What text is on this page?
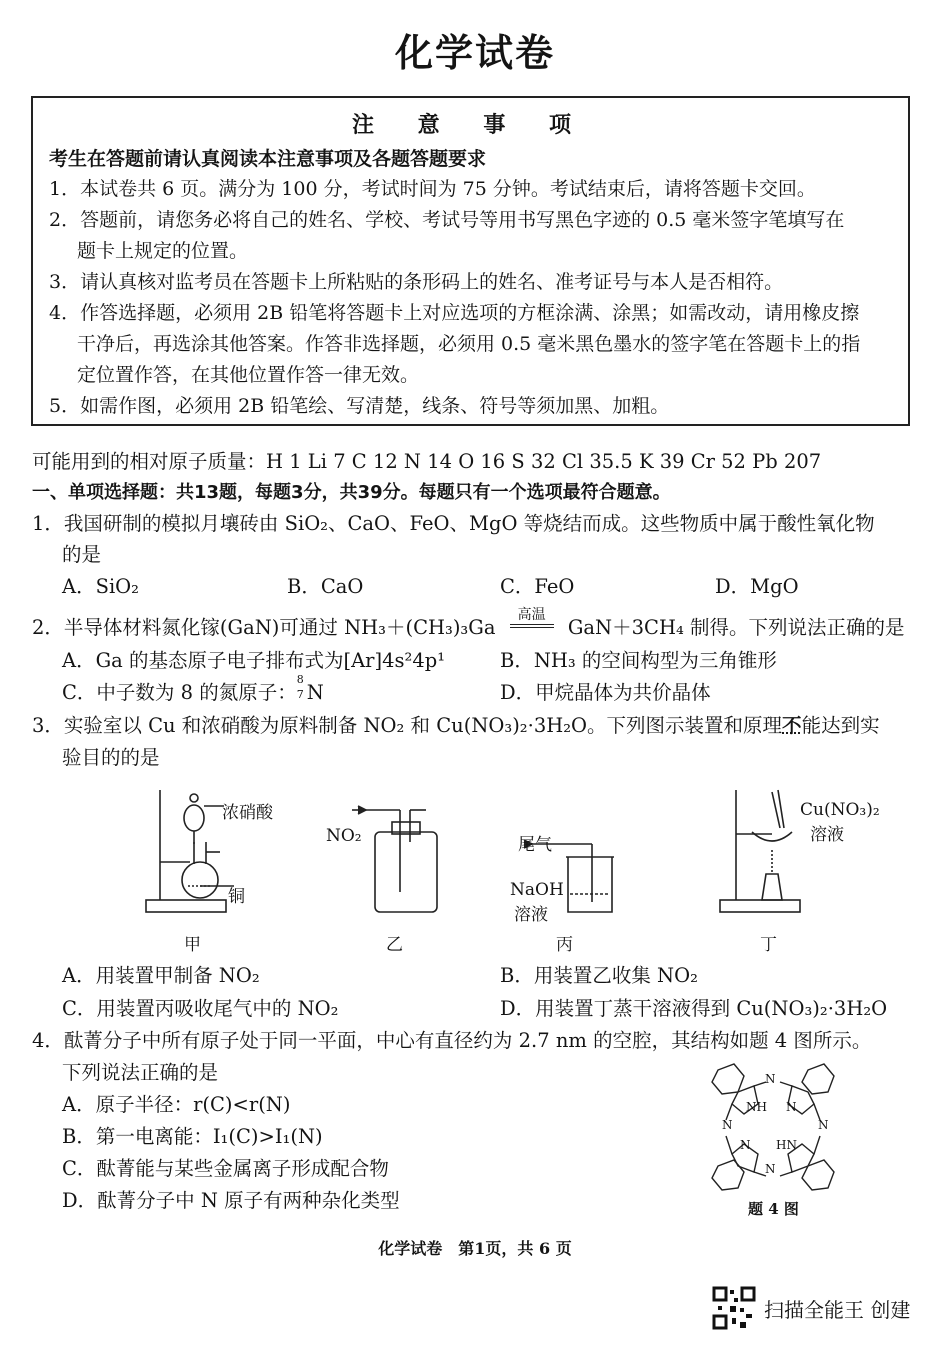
化学试卷
注 意 事 项
考生在答题前请认真阅读本注意事项及各题答题要求
1．本试卷共 6 页。满分为 100 分，考试时间为 75 分钟。考试结束后，请将答题卡交回。
2．答题前，请您务必将自己的姓名、学校、考试号等用书写黑色字迹的 0.5 毫米签字笔填写在
题卡上规定的位置。
3．请认真核对监考员在答题卡上所粘贴的条形码上的姓名、准考证号与本人是否相符。
4．作答选择题，必须用 2B 铅笔将答题卡上对应选项的方框涂满、涂黑；如需改动，请用橡皮擦
干净后，再选涂其他答案。作答非选择题，必须用 0.5 毫米黑色墨水的签字笔在答题卡上的指
定位置作答，在其他位置作答一律无效。
5．如需作图，必须用 2B 铅笔绘、写清楚，线条、符号等须加黑、加粗。
可能用到的相对原子质量：H 1 Li 7 C 12 N 14 O 16 S 32 Cl 35.5 K 39 Cr 52 Pb 207
一、单项选择题：共13题，每题3分，共39分。每题只有一个选项最符合题意。
1．我国研制的模拟月壤砖由 SiO₂、CaO、FeO、MgO 等烧结而成。这些物质中属于酸性氧化物
的是
A．SiO₂	B．CaO	C．FeO	D．MgO
2．半导体材料氮化镓(GaN)可通过 NH₃＋(CH₃)₃Ga
高温
GaN＋3CH₄ 制得。下列说法正确的是
A．Ga 的基态原子电子排布式为[Ar]4s²4p¹	B．NH₃ 的空间构型为三角锥形
C．中子数为 8 的氮原子：
8
7 N	D．甲烷晶体为共价晶体
3．实验室以 Cu 和浓硝酸为原料制备 NO₂ 和 Cu(NO₃)₂·3H₂O。下列图示装置和原理不能达到实
验目的的是
浓硝酸
铜
NO₂	尾气
NaOH
溶液
Cu(NO₃)₂
溶液
甲	乙	丙	丁
A．用装置甲制备 NO₂	B．用装置乙收集 NO₂
C．用装置丙吸收尾气中的 NO₂	D．用装置丁蒸干溶液得到 Cu(NO₃)₂·3H₂O
4．酞菁分子中所有原子处于同一平面，中心有直径约为 2.7 nm 的空腔，其结构如题 4 图所示。
下列说法正确的是
A．原子半径：r(C)<r(N)
B．第一电离能：I₁(C)>I₁(N)
C．酞菁能与某些金属离子形成配合物
D．酞菁分子中 N 原子有两种杂化类型
N
N	N
N
NH N
HN
N
题 4 图
化学试卷　第1页，共 6 页
扫描全能王 创建
